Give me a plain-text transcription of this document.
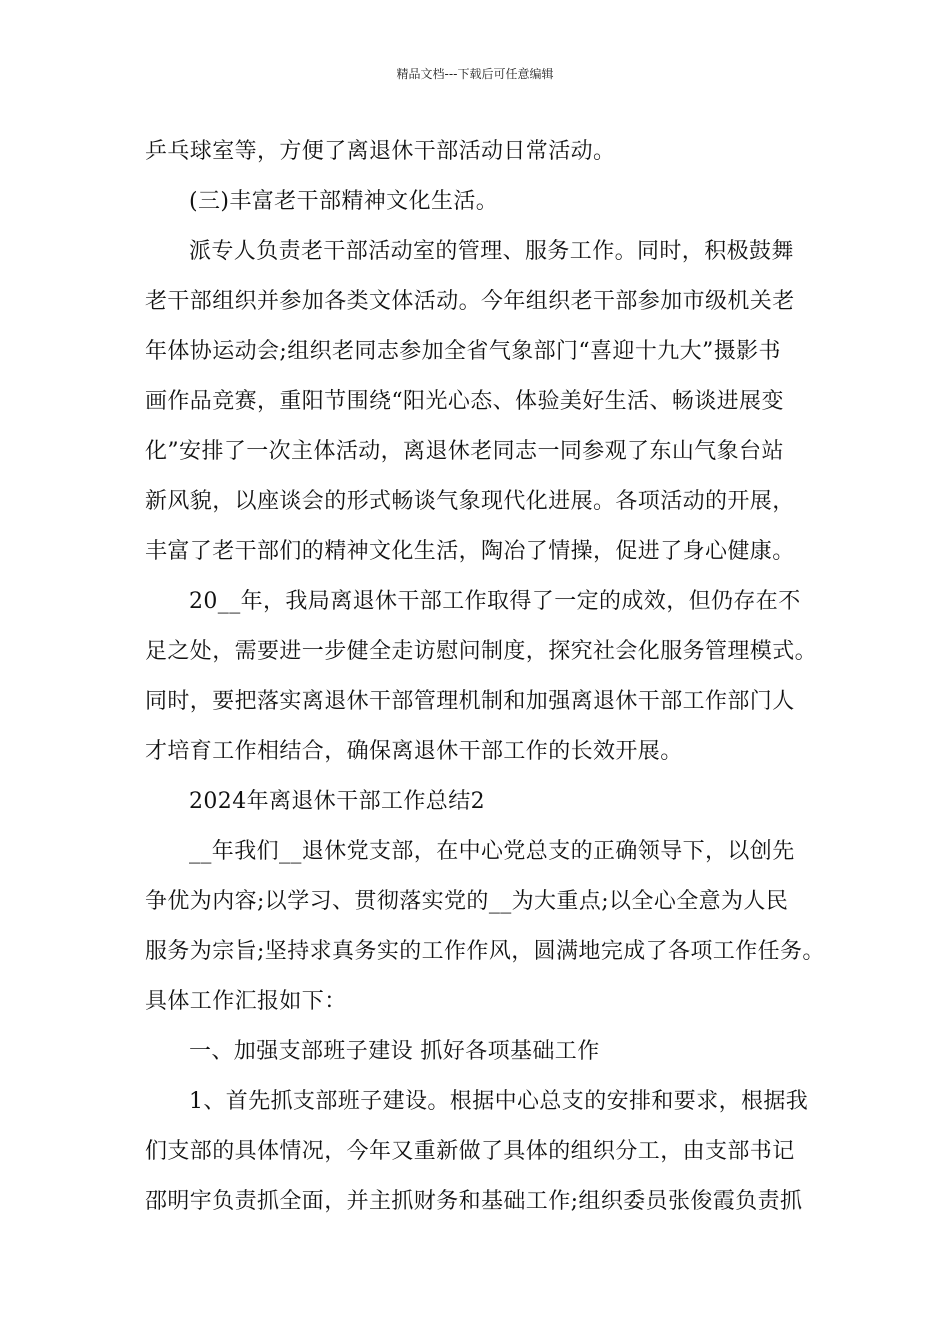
精品文档---下载后可任意编辑
乒乓球室等，方便了离退休干部活动日常活动。
(三)丰富老干部精神文化生活。
派专人负责老干部活动室的管理、服务工作。同时，积极鼓舞
老干部组织并参加各类文体活动。今年组织老干部参加市级机关老
年体协运动会;组织老同志参加全省气象部门“喜迎十九大”摄影书
画作品竞赛，重阳节围绕“阳光心态、体验美好生活、畅谈进展变
化”安排了一次主体活动，离退休老同志一同参观了东山气象台站
新风貌，以座谈会的形式畅谈气象现代化进展。各项活动的开展，
丰富了老干部们的精神文化生活，陶冶了情操，促进了身心健康。
20__年，我局离退休干部工作取得了一定的成效，但仍存在不
足之处，需要进一步健全走访慰问制度，探究社会化服务管理模式。
同时，要把落实离退休干部管理机制和加强离退休干部工作部门人
才培育工作相结合，确保离退休干部工作的长效开展。
2024年离退休干部工作总结2
__年我们__退休党支部，在中心党总支的正确领导下，以创先
争优为内容;以学习、贯彻落实党的__为大重点;以全心全意为人民
服务为宗旨;坚持求真务实的工作作风，圆满地完成了各项工作任务。
具体工作汇报如下：
一、加强支部班子建设 抓好各项基础工作
1、首先抓支部班子建设。根据中心总支的安排和要求，根据我
们支部的具体情况，今年又重新做了具体的组织分工，由支部书记
邵明宇负责抓全面，并主抓财务和基础工作;组织委员张俊霞负责抓
